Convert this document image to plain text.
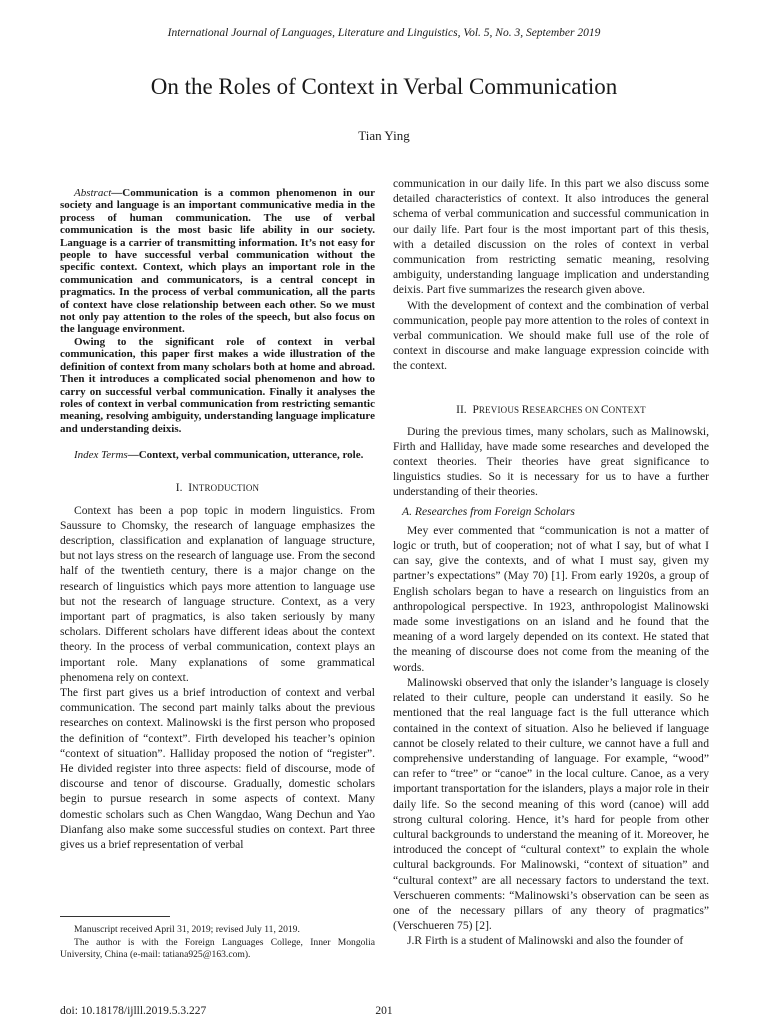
International Journal of Languages, Literature and Linguistics, Vol. 5, No. 3, September 2019
On the Roles of Context in Verbal Communication
Tian Ying

Abstract—Communication is a common phenomenon in our society and language is an important communicative media in the process of human communication. The use of verbal communication is the most basic life ability in our society. Language is a carrier of transmitting information. It’s not easy for people to have successful verbal communication without the specific context. Context, which plays an important role in the communication and communicators, is a central concept in pragmatics. In the process of verbal communication, all the parts of context have close relationship between each other. So we must not only pay attention to the roles of the speech, but also focus on the language environment.

Owing to the significant role of context in verbal communication, this paper first makes a wide illustration of the definition of context from many scholars both at home and abroad. Then it introduces a complicated social phenomenon and how to carry on successful verbal communication. Finally it analyses the roles of context in verbal communication from restricting semantic meaning, resolving ambiguity, understanding language implicature and understanding deixis.

Index Terms—Context, verbal communication, utterance, role.

I. INTRODUCTION

Context has been a pop topic in modern linguistics. From Saussure to Chomsky, the research of language emphasizes the description, classification and explanation of language structure, but not lays stress on the research of language use. From the second half of the twentieth century, there is a major change on the research of linguistics which pays more attention to language use but not the research of language structure. Context, as a very important part of pragmatics, is also taken seriously by many scholars. Different scholars have different ideas about the context theory. In the process of verbal communication, context plays an important role. Many explanations of some grammatical phenomena rely on context.

The first part gives us a brief introduction of context and verbal communication. The second part mainly talks about the previous researches on context. Malinowski is the first person who proposed the definition of “context”. Firth developed his teacher’s opinion “context of situation”. Halliday proposed the notion of “register”. He divided register into three aspects: field of discourse, mode of discourse and tenor of discourse. Gradually, domestic scholars begin to pursue research in some aspects of context. Many domestic scholars such as Chen Wangdao, Wang Dechun and Yao Dianfang also make some successful studies on context. Part three gives us a brief representation of verbal

communication in our daily life. In this part we also discuss some detailed characteristics of context. It also introduces the general schema of verbal communication and successful communication in our daily life. Part four is the most important part of this thesis, with a detailed discussion on the roles of context in verbal communication from restricting sematic meaning, resolving ambiguity, understanding language implication and understanding deixis. Part five summarizes the research given above.

With the development of context and the combination of verbal communication, people pay more attention to the roles of context in verbal communication. We should make full use of the role of context in discourse and make language expression coincide with the context.

II. PREVIOUS RESEARCHES ON CONTEXT

During the previous times, many scholars, such as Malinowski, Firth and Halliday, have made some researches and developed the context theories. Their theories have great significance to linguistics studies. So it is necessary for us to have a further understanding of their theories.

A. Researches from Foreign Scholars

Mey ever commented that “communication is not a matter of logic or truth, but of cooperation; not of what I say, but of what I can say, give the contexts, and of what I must say, given my partner’s expectations” (May 70) [1]. From early 1920s, a group of English scholars began to have a research on linguistics from an anthropological perspective. In 1923, anthropologist Malinowski made some investigations on an island and he found that the meaning of a word largely depended on its context. He stated that the meaning of discourse does not come from the meaning of the words.

Malinowski observed that only the islander’s language is closely related to their culture, people can understand it easily. So he mentioned that the real language fact is the full utterance which contained in the context of situation. Also he believed if language cannot be closely related to their culture, we cannot have a full and comprehensive understanding of language. For example, “wood” can refer to “tree” or “canoe” in the local culture. Canoe, as a very important transportation for the islanders, plays a major role in their daily life. So the second meaning of this word (canoe) will add strong cultural coloring. Hence, it’s hard for people from other cultural backgrounds to understand the meaning of it. Moreover, he introduced the concept of “cultural context” to explain the whole cultural backgrounds. For Malinowski, “context of situation” and “cultural context” are all necessary factors to understand the text. Verschueren comments: “Malinowski’s observation can be seen as one of the necessary pillars of any theory of pragmatics” (Verschueren 75) [2].

J.R Firth is a student of Malinowski and also the founder of

Manuscript received April 31, 2019; revised July 11, 2019.

The author is with the Foreign Languages College, Inner Mongolia University, China (e-mail: tatiana925@163.com).

doi: 10.18178/ijlll.2019.5.3.227	201
